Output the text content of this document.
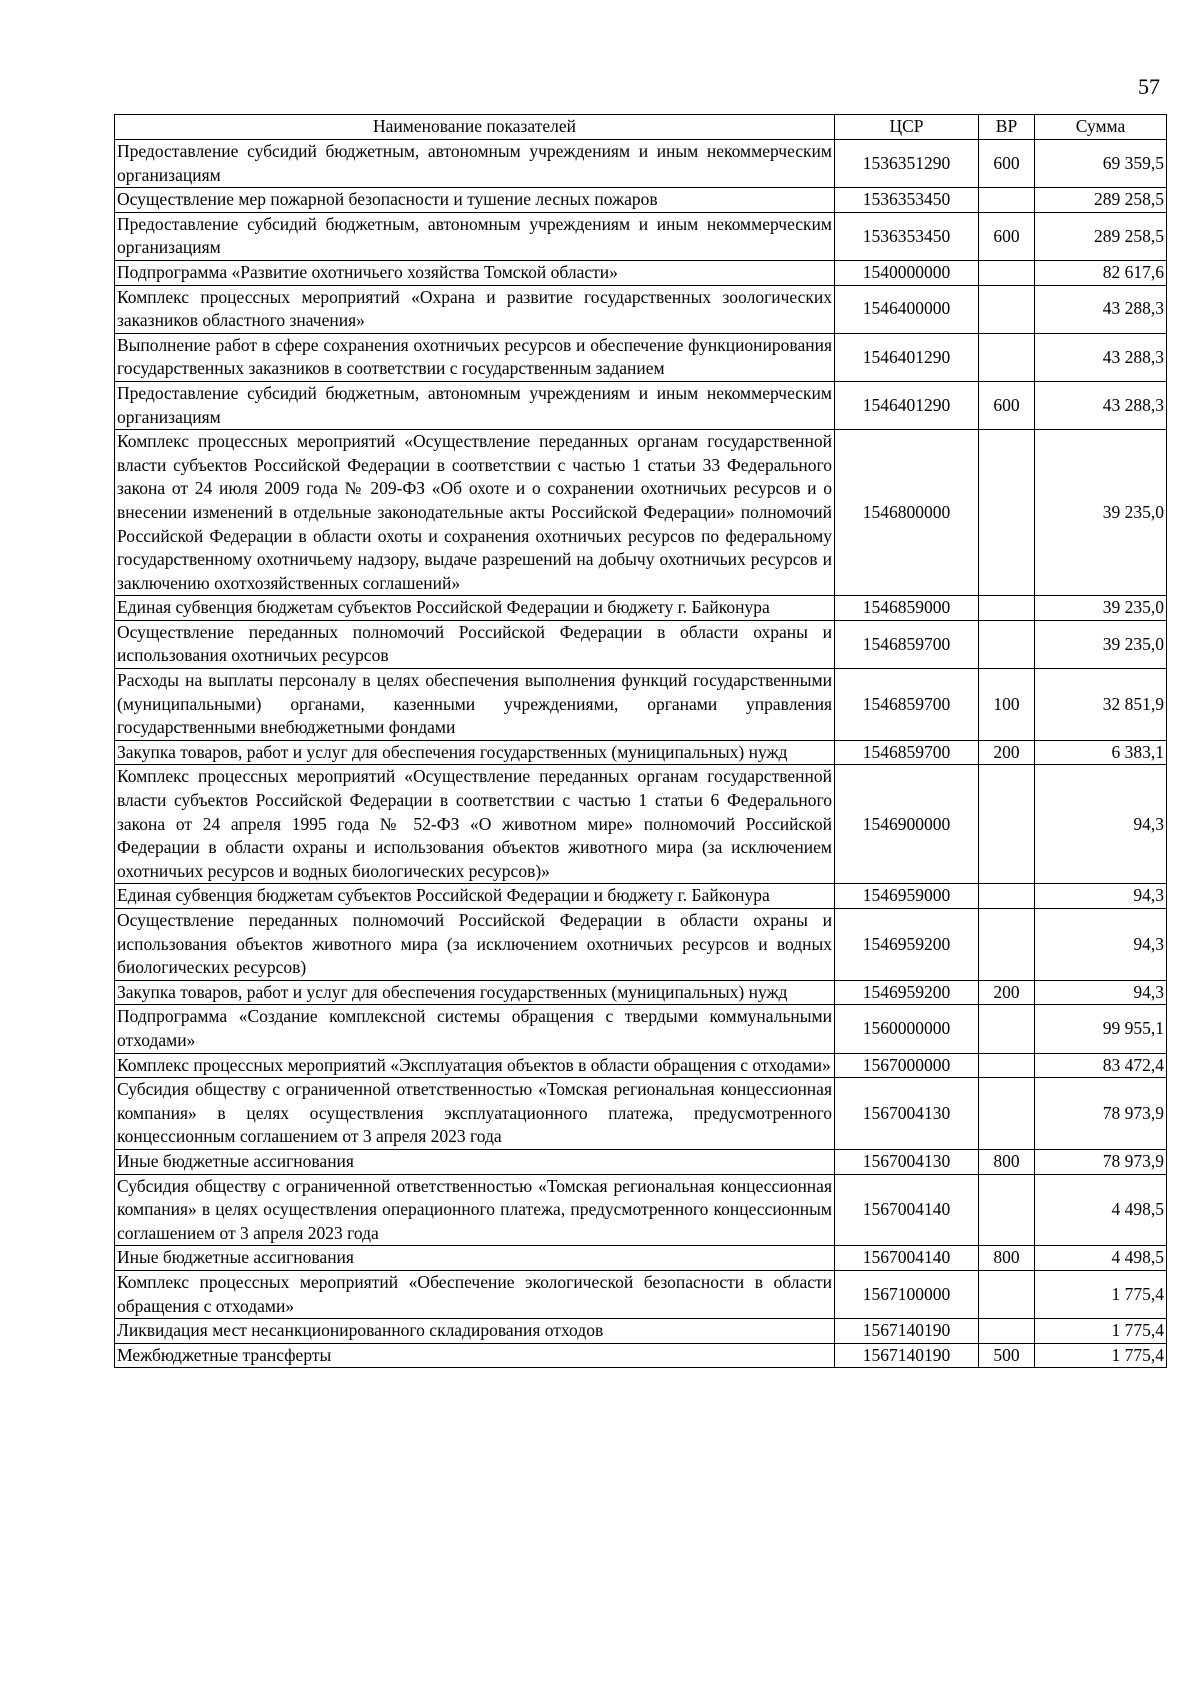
57
Наименование показателей	ЦСР	ВР	Сумма
Предоставление субсидий бюджетным, автономным учреждениям и иным некоммерческим организациям	1536351290	600	69 359,5
Осуществление мер пожарной безопасности и тушение лесных пожаров	1536353450		289 258,5
Предоставление субсидий бюджетным, автономным учреждениям и иным некоммерческим организациям	1536353450	600	289 258,5
Подпрограмма «Развитие охотничьего хозяйства Томской области»	1540000000		82 617,6
Комплекс процессных мероприятий «Охрана и развитие государственных зоологических заказников областного значения»	1546400000		43 288,3
Выполнение работ в сфере сохранения охотничьих ресурсов и обеспечение функционирования государственных заказников в соответствии с государственным заданием	1546401290		43 288,3
Предоставление субсидий бюджетным, автономным учреждениям и иным некоммерческим организациям	1546401290	600	43 288,3
Комплекс процессных мероприятий «Осуществление переданных органам государственной власти субъектов Российской Федерации в соответствии с частью 1 статьи 33 Федерального закона от 24 июля 2009 года № 209-ФЗ «Об охоте и о сохранении охотничьих ресурсов и о внесении изменений в отдельные законодательные акты Российской Федерации» полномочий Российской Федерации в области охоты и сохранения охотничьих ресурсов по федеральному государственному охотничьему надзору, выдаче разрешений на добычу охотничьих ресурсов и заключению охотхозяйственных соглашений»	1546800000		39 235,0
Единая субвенция бюджетам субъектов Российской Федерации и бюджету г. Байконура	1546859000		39 235,0
Осуществление переданных полномочий Российской Федерации в области охраны и использования охотничьих ресурсов	1546859700		39 235,0
Расходы на выплаты персоналу в целях обеспечения выполнения функций государственными (муниципальными) органами, казенными учреждениями, органами управления государственными внебюджетными фондами	1546859700	100	32 851,9
Закупка товаров, работ и услуг для обеспечения государственных (муниципальных) нужд	1546859700	200	6 383,1
Комплекс процессных мероприятий «Осуществление переданных органам государственной власти субъектов Российской Федерации в соответствии с частью 1 статьи 6 Федерального закона от 24 апреля 1995 года № 52-ФЗ «О животном мире» полномочий Российской Федерации в области охраны и использования объектов животного мира (за исключением охотничьих ресурсов и водных биологических ресурсов)»	1546900000		94,3
Единая субвенция бюджетам субъектов Российской Федерации и бюджету г. Байконура	1546959000		94,3
Осуществление переданных полномочий Российской Федерации в области охраны и использования объектов животного мира (за исключением охотничьих ресурсов и водных биологических ресурсов)	1546959200		94,3
Закупка товаров, работ и услуг для обеспечения государственных (муниципальных) нужд	1546959200	200	94,3
Подпрограмма «Создание комплексной системы обращения с твердыми коммунальными отходами»	1560000000		99 955,1
Комплекс процессных мероприятий «Эксплуатация объектов в области обращения с отходами»	1567000000		83 472,4
Субсидия обществу с ограниченной ответственностью «Томская региональная концессионная компания» в целях осуществления эксплуатационного платежа, предусмотренного концессионным соглашением от 3 апреля 2023 года	1567004130		78 973,9
Иные бюджетные ассигнования	1567004130	800	78 973,9
Субсидия обществу с ограниченной ответственностью «Томская региональная концессионная компания» в целях осуществления операционного платежа, предусмотренного концессионным соглашением от 3 апреля 2023 года	1567004140		4 498,5
Иные бюджетные ассигнования	1567004140	800	4 498,5
Комплекс процессных мероприятий «Обеспечение экологической безопасности в области обращения с отходами»	1567100000		1 775,4
Ликвидация мест несанкционированного складирования отходов	1567140190		1 775,4
Межбюджетные трансферты	1567140190	500	1 775,4
